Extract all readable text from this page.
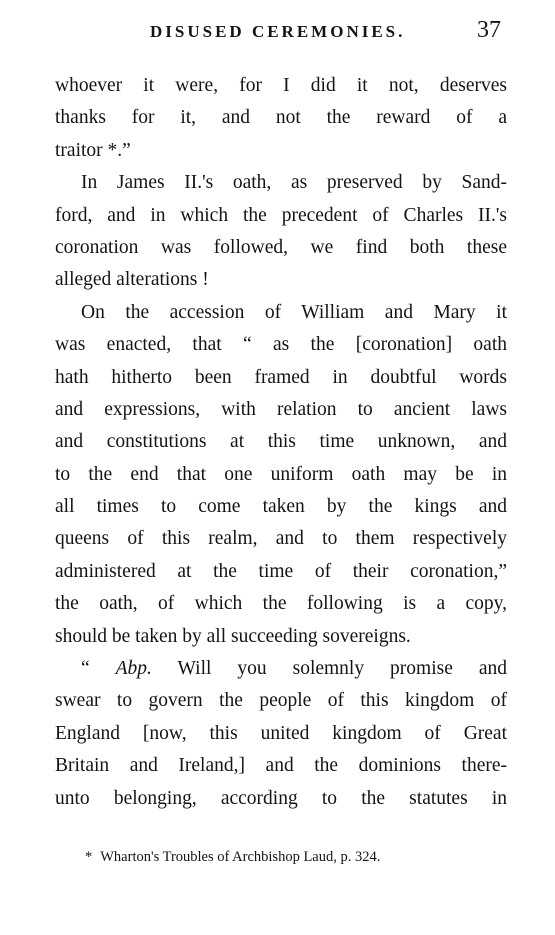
DISUSED CEREMONIES.	37
whoever it were, for I did it not, deserves
thanks for it, and not the reward of a
traitor *.”
In James II.'s oath, as preserved by Sand-
ford, and in which the precedent of Charles II.'s
coronation was followed, we find both these
alleged alterations !
On the accession of William and Mary it
was enacted, that “ as the [coronation] oath
hath hitherto been framed in doubtful words
and expressions, with relation to ancient laws
and constitutions at this time unknown, and
to the end that one uniform oath may be in
all times to come taken by the kings and
queens of this realm, and to them respectively
administered at the time of their coronation,”
the oath, of which the following is a copy,
should be taken by all succeeding sovereigns.
“ Abp. Will you solemnly promise and
swear to govern the people of this kingdom of
England [now, this united kingdom of Great
Britain and Ireland,] and the dominions there-
unto belonging, according to the statutes in
* Wharton's Troubles of Archbishop Laud, p. 324.
